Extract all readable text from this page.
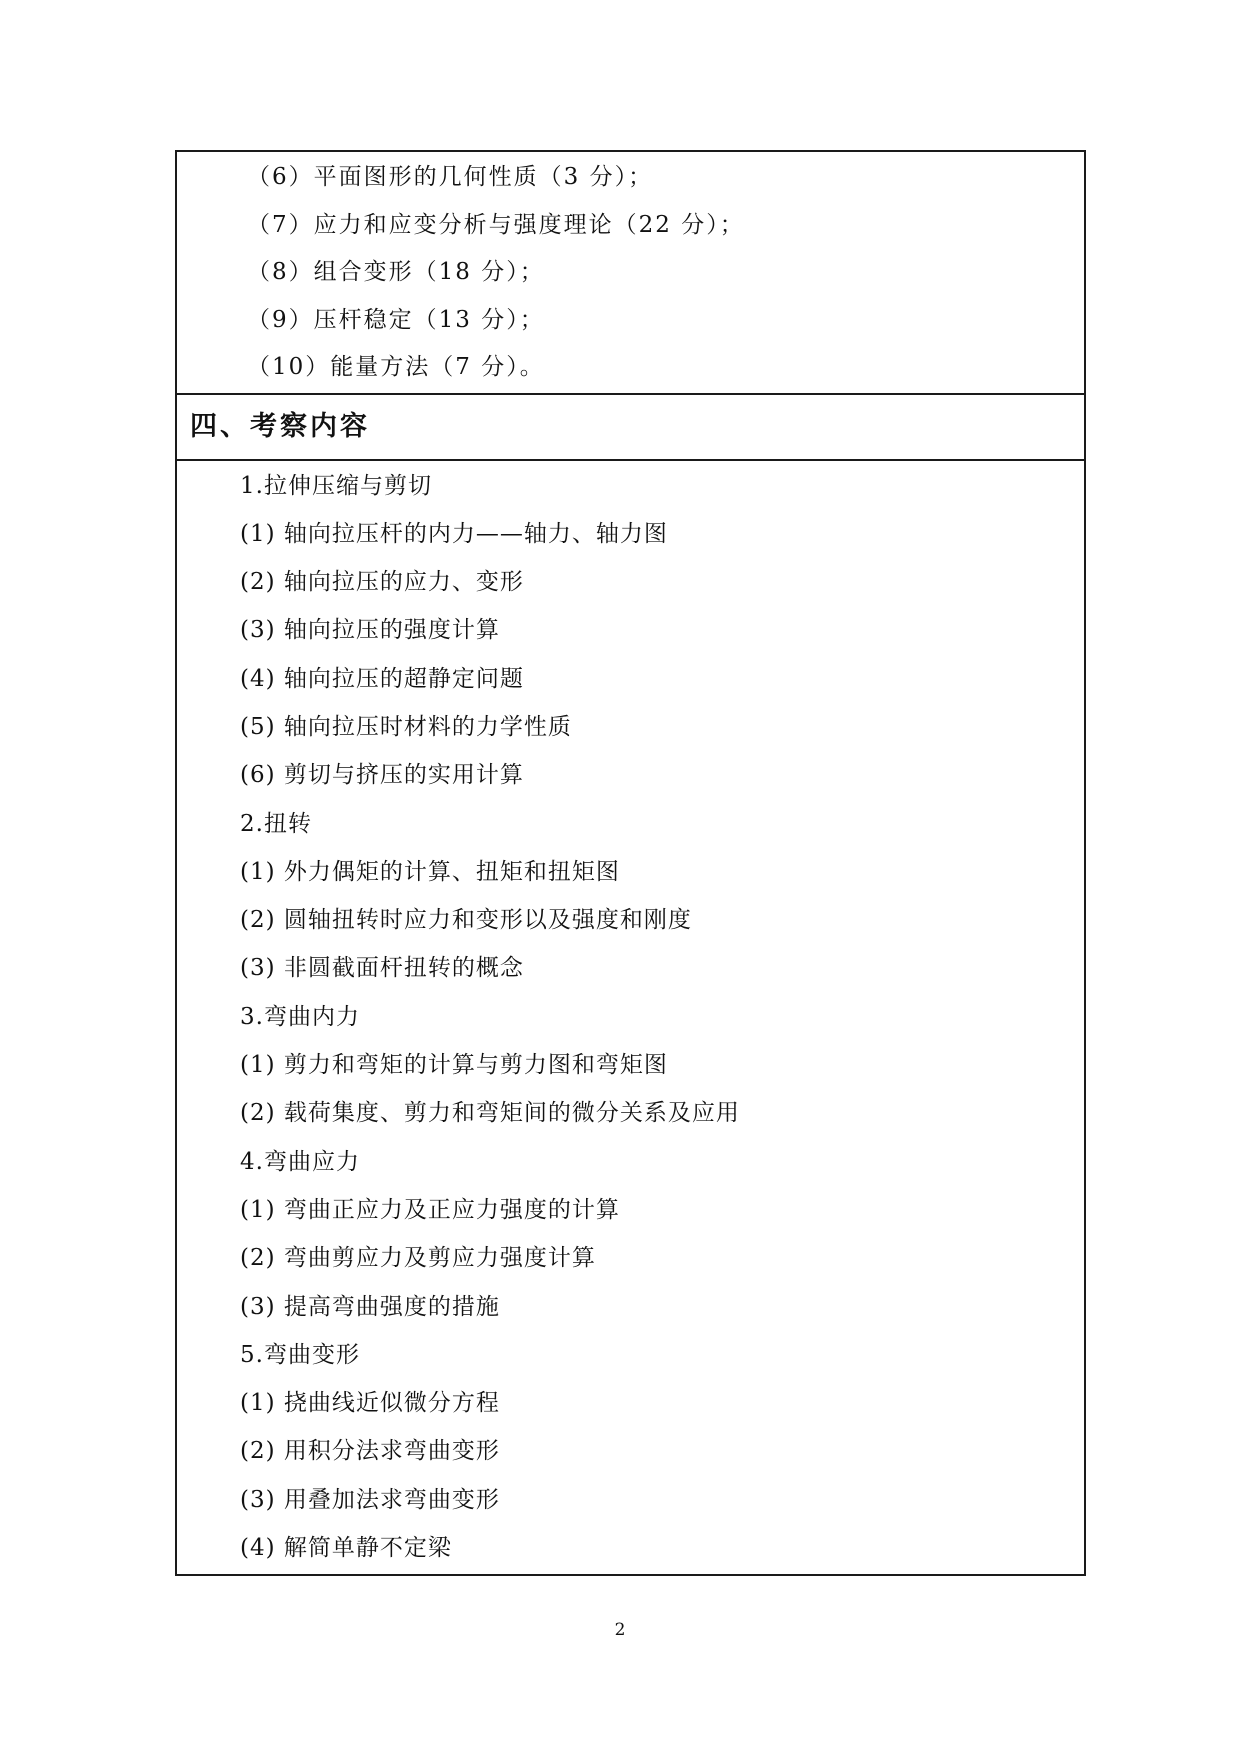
（6）平面图形的几何性质（3 分）；
（7）应力和应变分析与强度理论（22 分）；
（8）组合变形（18 分）；
（9）压杆稳定（13 分）；
（10）能量方法（7 分）。
四、考察内容
1.拉伸压缩与剪切
(1) 轴向拉压杆的内力——轴力、轴力图
(2) 轴向拉压的应力、变形
(3) 轴向拉压的强度计算
(4) 轴向拉压的超静定问题
(5) 轴向拉压时材料的力学性质
(6) 剪切与挤压的实用计算
2.扭转
(1) 外力偶矩的计算、扭矩和扭矩图
(2) 圆轴扭转时应力和变形以及强度和刚度
(3) 非圆截面杆扭转的概念
3.弯曲内力
(1) 剪力和弯矩的计算与剪力图和弯矩图
(2) 载荷集度、剪力和弯矩间的微分关系及应用
4.弯曲应力
(1) 弯曲正应力及正应力强度的计算
(2) 弯曲剪应力及剪应力强度计算
(3) 提高弯曲强度的措施
5.弯曲变形
(1) 挠曲线近似微分方程
(2) 用积分法求弯曲变形
(3) 用叠加法求弯曲变形
(4) 解简单静不定梁
2
